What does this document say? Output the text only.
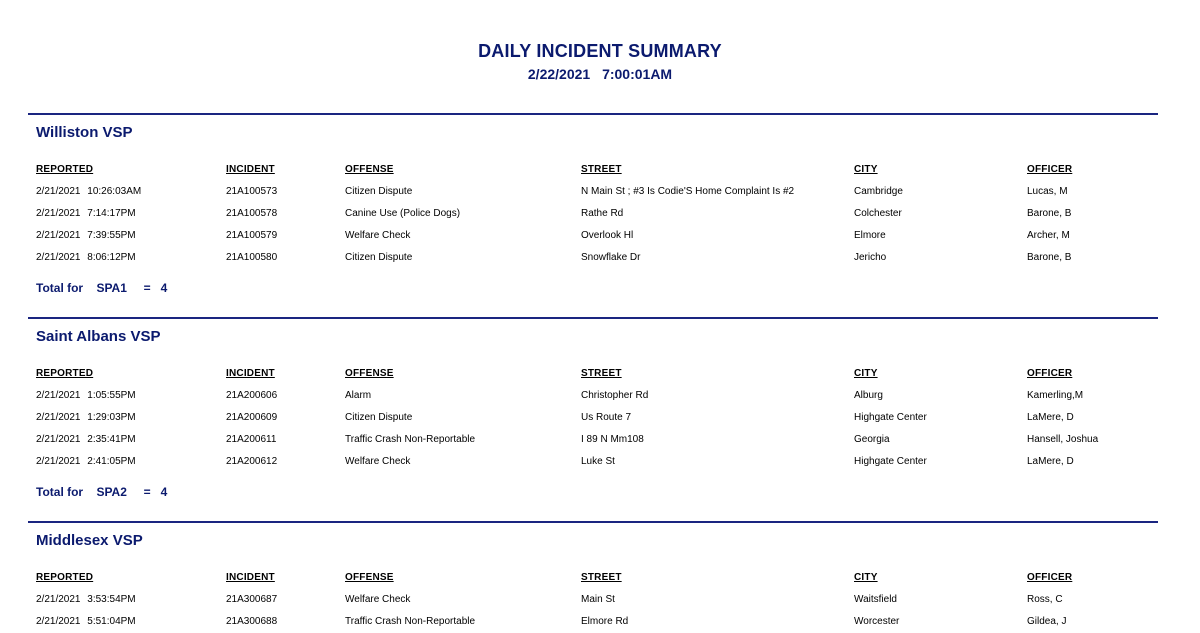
DAILY INCIDENT SUMMARY
2/22/2021 7:00:01AM
Williston VSP
REPORTED	INCIDENT	OFFENSE	STREET	CITY	OFFICER
2/21/2021 10:26:03AM	21A100573	Citizen Dispute	N Main St ; #3 Is Codie'S Home Complaint Is #2	Cambridge	Lucas, M
2/21/2021 7:14:17PM	21A100578	Canine Use (Police Dogs)	Rathe Rd	Colchester	Barone, B
2/21/2021 7:39:55PM	21A100579	Welfare Check	Overlook Hl	Elmore	Archer, M
2/21/2021 8:06:12PM	21A100580	Citizen Dispute	Snowflake Dr	Jericho	Barone, B
Total for    SPA1     =   4
Saint Albans VSP
REPORTED	INCIDENT	OFFENSE	STREET	CITY	OFFICER
2/21/2021 1:05:55PM	21A200606	Alarm	Christopher Rd	Alburg	Kamerling,M
2/21/2021 1:29:03PM	21A200609	Citizen Dispute	Us Route 7	Highgate Center	LaMere, D
2/21/2021 2:35:41PM	21A200611	Traffic Crash Non-Reportable	I 89 N Mm108	Georgia	Hansell, Joshua
2/21/2021 2:41:05PM	21A200612	Welfare Check	Luke St	Highgate Center	LaMere, D
Total for    SPA2     =   4
Middlesex VSP
REPORTED	INCIDENT	OFFENSE	STREET	CITY	OFFICER
2/21/2021 3:53:54PM	21A300687	Welfare Check	Main St	Waitsfield	Ross, C
2/21/2021 5:51:04PM	21A300688	Traffic Crash Non-Reportable	Elmore Rd	Worcester	Gildea, J
